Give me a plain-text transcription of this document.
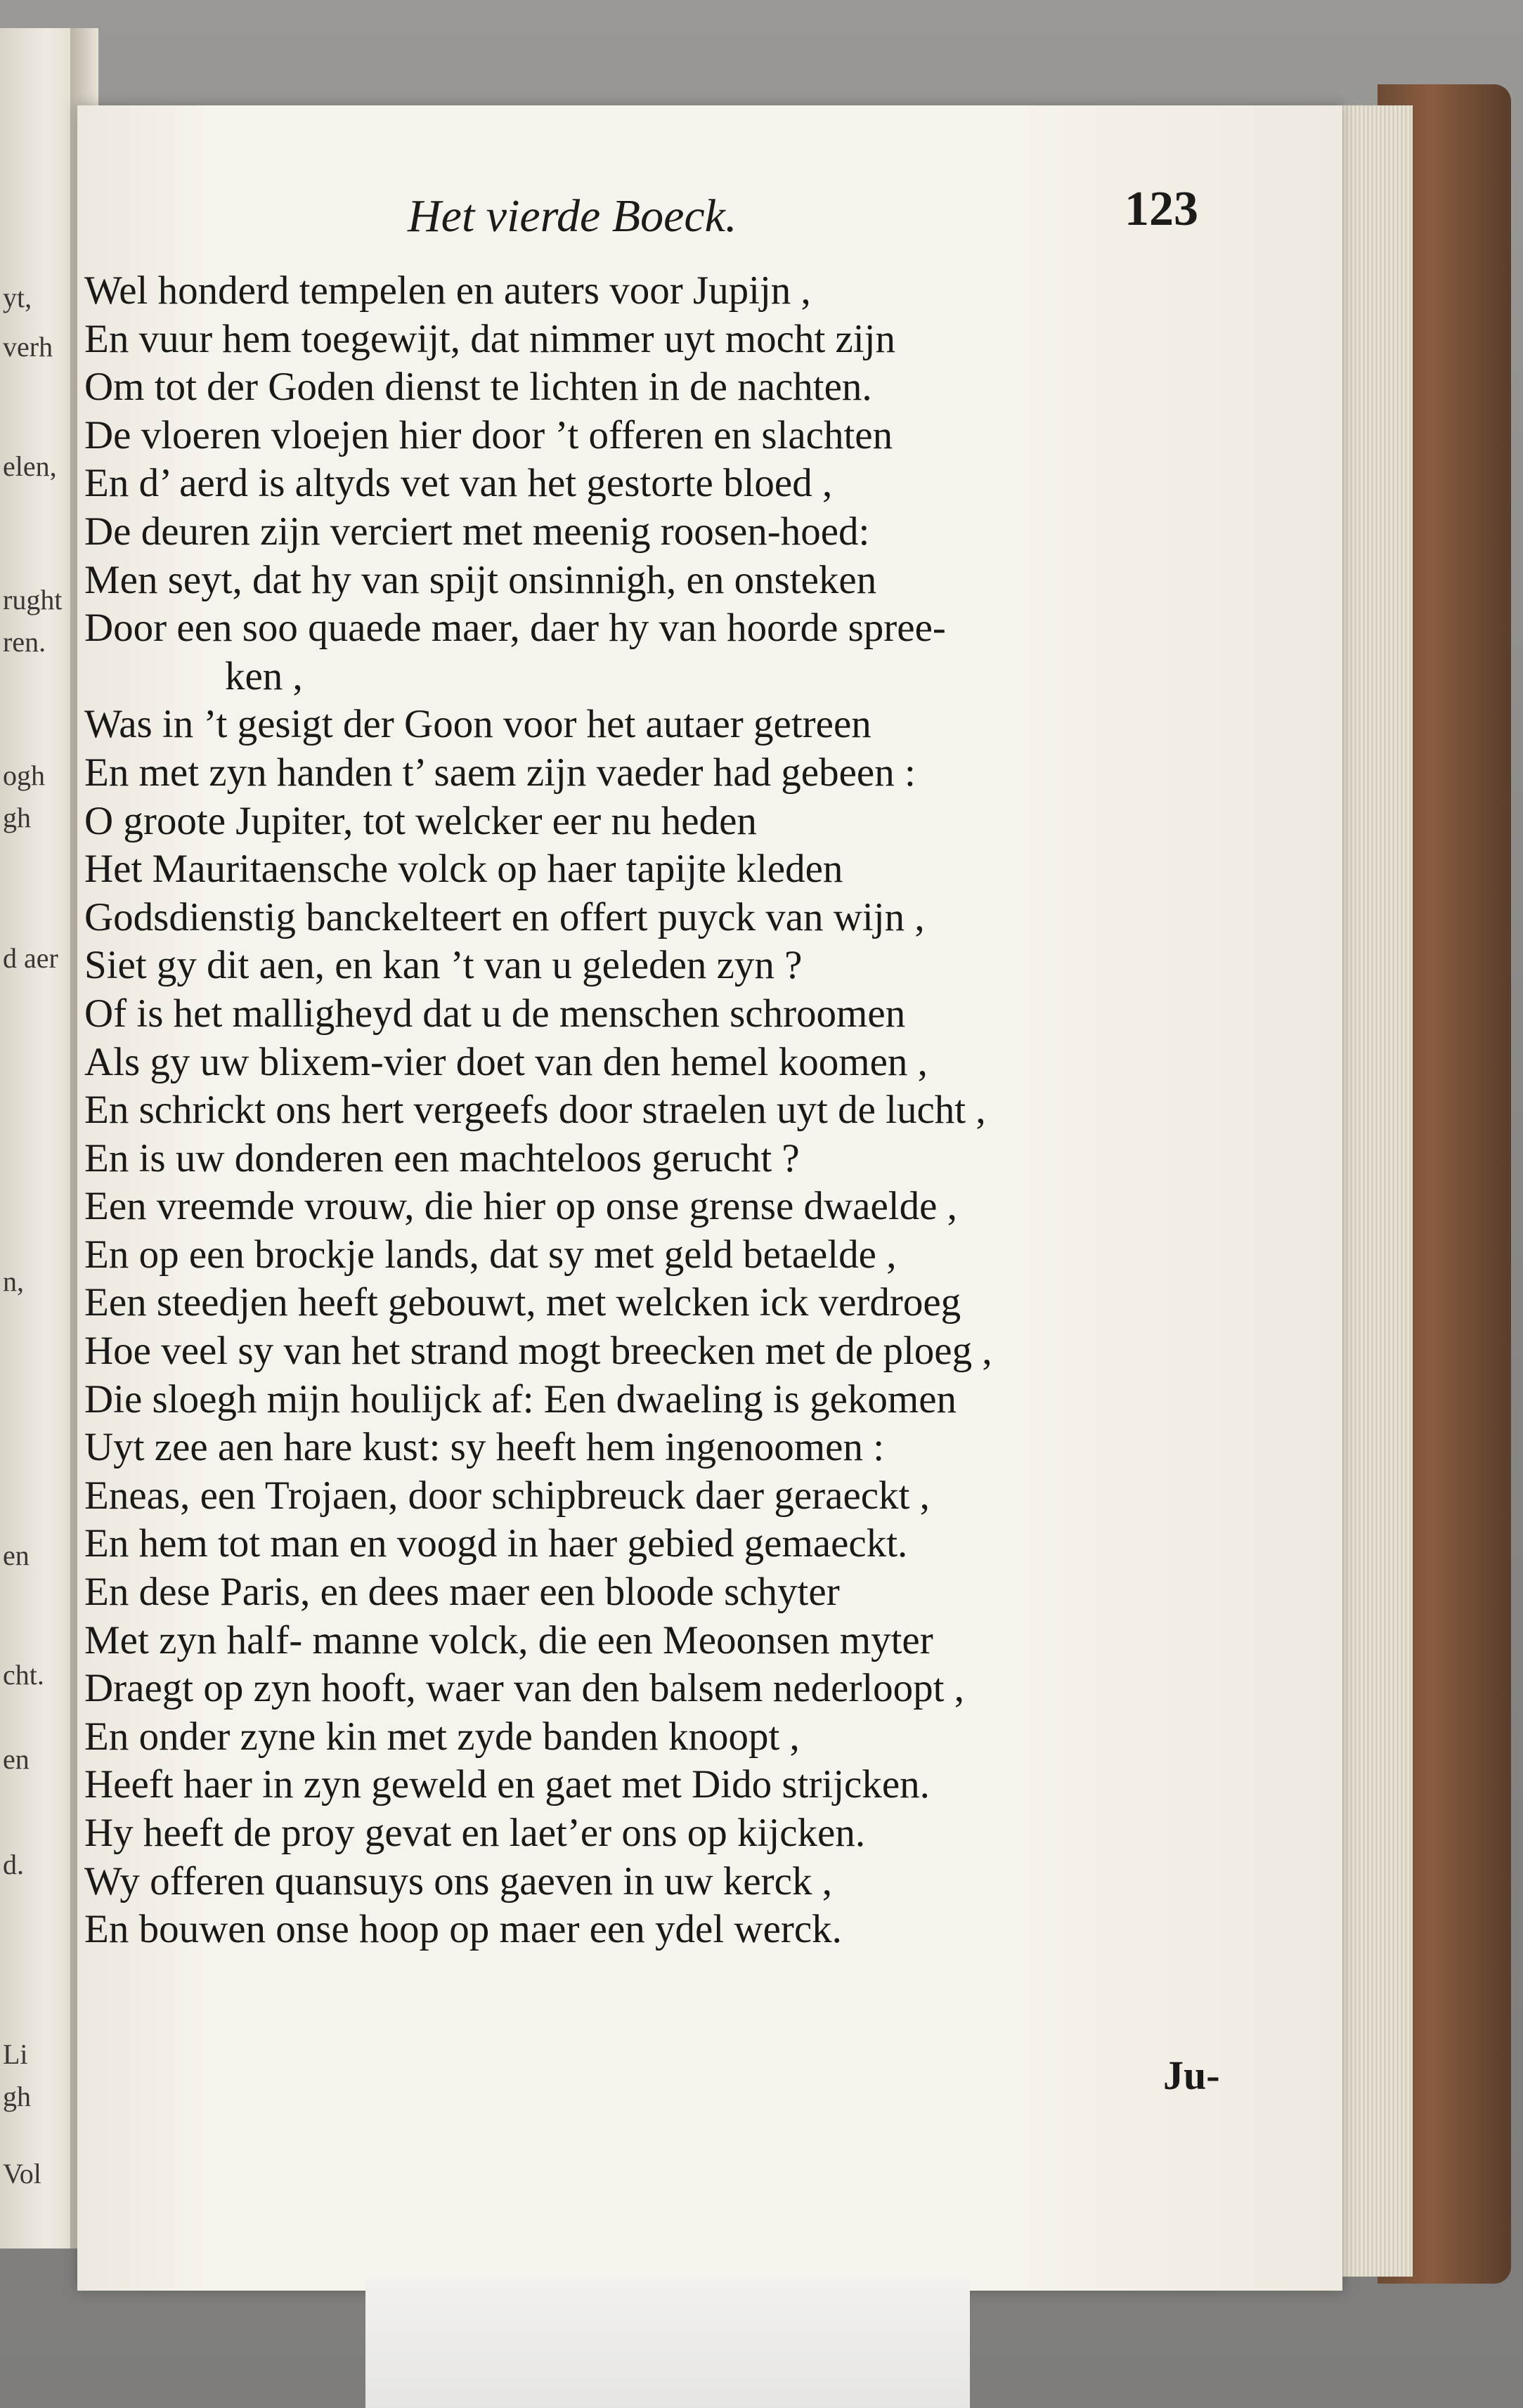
yt,
verh
elen,
rught
ren.
ogh
gh
d aer
n,
en
cht.
en
d.
Li
gh
Vol
Het vierde Boeck.	123
Wel honderd tempelen en auters voor Jupijn ,
En vuur hem toegewijt, dat nimmer uyt mocht zijn
Om tot der Goden dienst te lichten in de nachten.
De vloeren vloejen hier door ’t offeren en slachten
En d’ aerd is altyds vet van het gestorte bloed ,
De deuren zijn verciert met meenig roosen-hoed:
Men seyt, dat hy van spijt onsinnigh, en onsteken
Door een soo quaede maer, daer hy van hoorde spree-
ken ,
Was in ’t gesigt der Goon voor het autaer getreen
En met zyn handen t’ saem zijn vaeder had gebeen :
O groote Jupiter, tot welcker eer nu heden
Het Mauritaensche volck op haer tapijte kleden
Godsdienstig banckelteert en offert puyck van wijn ,
Siet gy dit aen, en kan ’t van u geleden zyn ?
Of is het malligheyd dat u de menschen schroomen
Als gy uw blixem-vier doet van den hemel koomen ,
En schrickt ons hert vergeefs door straelen uyt de lucht ,
En is uw donderen een machteloos gerucht ?
Een vreemde vrouw, die hier op onse grense dwaelde ,
En op een brockje lands, dat sy met geld betaelde ,
Een steedjen heeft gebouwt, met welcken ick verdroeg
Hoe veel sy van het strand mogt breecken met de ploeg ,
Die sloegh mijn houlijck af: Een dwaeling is gekomen
Uyt zee aen hare kust: sy heeft hem ingenoomen :
Eneas, een Trojaen, door schipbreuck daer geraeckt ,
En hem tot man en voogd in haer gebied gemaeckt.
En dese Paris, en dees maer een bloode schyter
Met zyn half- manne volck, die een Meoonsen myter
Draegt op zyn hooft, waer van den balsem nederloopt ,
En onder zyne kin met zyde banden knoopt ,
Heeft haer in zyn geweld en gaet met Dido strijcken.
Hy heeft de proy gevat en laet’er ons op kijcken.
Wy offeren quansuys ons gaeven in uw kerck ,
En bouwen onse hoop op maer een ydel werck.
Ju-
